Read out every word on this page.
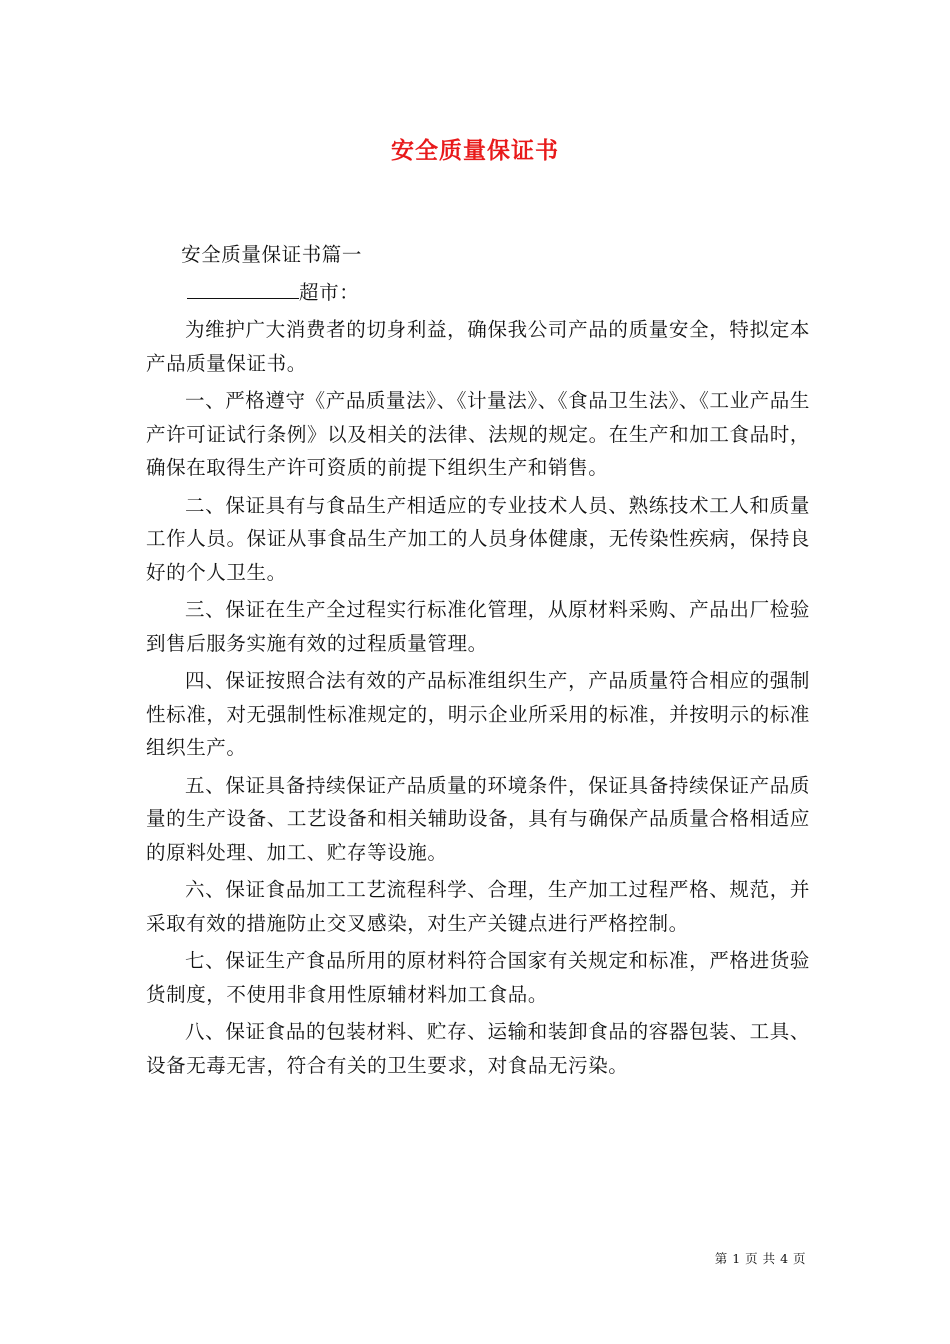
安全质量保证书

安全质量保证书篇一

超市：

为维护广大消费者的切身利益，确保我公司产品的质量安全，特拟定本产品质量保证书。

一、严格遵守《产品质量法》、《计量法》、《食品卫生法》、《工业产品生产许可证试行条例》以及相关的法律、法规的规定。在生产和加工食品时，确保在取得生产许可资质的前提下组织生产和销售。

二、保证具有与食品生产相适应的专业技术人员、熟练技术工人和质量工作人员。保证从事食品生产加工的人员身体健康，无传染性疾病，保持良好的个人卫生。

三、保证在生产全过程实行标准化管理，从原材料采购、产品出厂检验到售后服务实施有效的过程质量管理。

四、保证按照合法有效的产品标准组织生产，产品质量符合相应的强制性标准，对无强制性标准规定的，明示企业所采用的标准，并按明示的标准组织生产。

五、保证具备持续保证产品质量的环境条件，保证具备持续保证产品质量的生产设备、工艺设备和相关辅助设备，具有与确保产品质量合格相适应的原料处理、加工、贮存等设施。

六、保证食品加工工艺流程科学、合理，生产加工过程严格、规范，并采取有效的措施防止交叉感染，对生产关键点进行严格控制。

七、保证生产食品所用的原材料符合国家有关规定和标准，严格进货验货制度，不使用非食用性原辅材料加工食品。

八、保证食品的包装材料、贮存、运输和装卸食品的容器包装、工具、设备无毒无害，符合有关的卫生要求，对食品无污染。

第 1 页 共 4 页
